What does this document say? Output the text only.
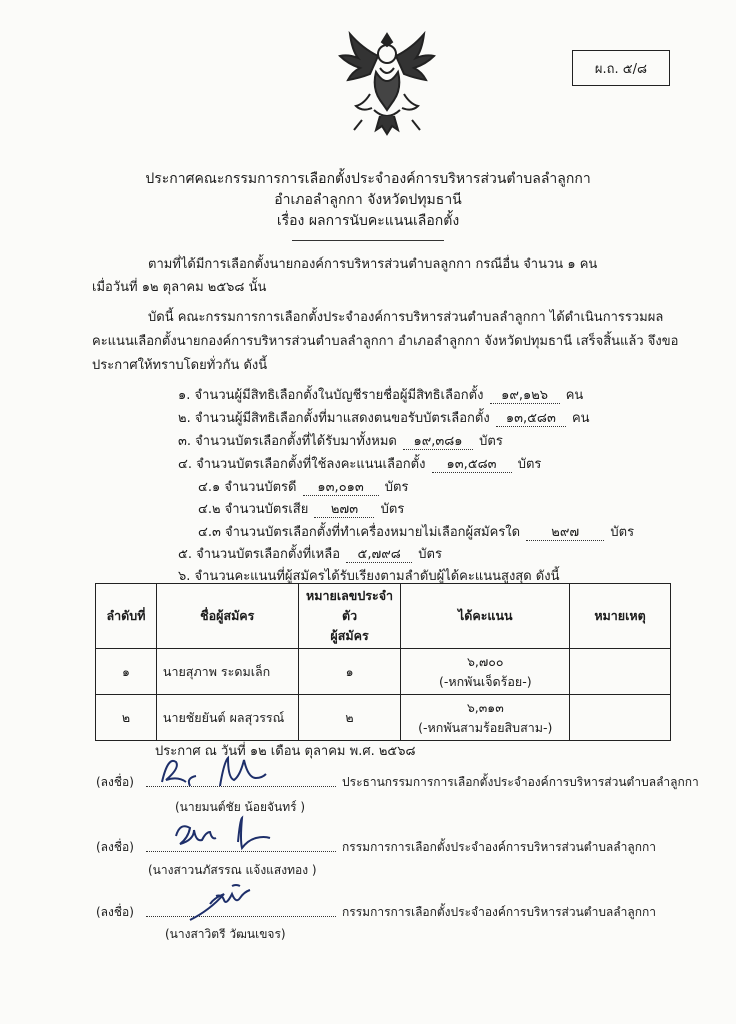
ผ.ถ. ๕/๘
ประกาศคณะกรรมการการเลือกตั้งประจำองค์การบริหารส่วนตำบลลำลูกกา
อำเภอลำลูกกา จังหวัดปทุมธานี
เรื่อง ผลการนับคะแนนเลือกตั้ง
ตามที่ได้มีการเลือกตั้งนายกองค์การบริหารส่วนตำบลลูกกา กรณีอื่น จำนวน ๑ คน
เมื่อวันที่ ๑๒ ตุลาคม ๒๕๖๘ นั้น
บัดนี้ คณะกรรมการการเลือกตั้งประจำองค์การบริหารส่วนตำบลลำลูกกา ได้ดำเนินการรวมผล
คะแนนเลือกตั้งนายกองค์การบริหารส่วนตำบลลำลูกกา อำเภอลำลูกกา จังหวัดปทุมธานี เสร็จสิ้นแล้ว จึงขอ
ประกาศให้ทราบโดยทั่วกัน ดังนี้
๑. จำนวนผู้มีสิทธิเลือกตั้งในบัญชีรายชื่อผู้มีสิทธิเลือกตั้ง ๑๙,๑๒๖ คน
๒. จำนวนผู้มีสิทธิเลือกตั้งที่มาแสดงตนขอรับบัตรเลือกตั้ง ๑๓,๕๘๓ คน
๓. จำนวนบัตรเลือกตั้งที่ได้รับมาทั้งหมด ๑๙,๓๘๑ บัตร
๔. จำนวนบัตรเลือกตั้งที่ใช้ลงคะแนนเลือกตั้ง ๑๓,๕๘๓ บัตร
๔.๑ จำนวนบัตรดี ๑๓,๐๑๓ บัตร
๔.๒ จำนวนบัตรเสีย ๒๗๓ บัตร
๔.๓ จำนวนบัตรเลือกตั้งที่ทำเครื่องหมายไม่เลือกผู้สมัครใด ๒๙๗ บัตร
๕. จำนวนบัตรเลือกตั้งที่เหลือ ๕,๗๙๘ บัตร
๖. จำนวนคะแนนที่ผู้สมัครได้รับเรียงตามลำดับผู้ได้คะแนนสูงสุด ดังนี้
ลำดับที่	ชื่อผู้สมัคร	หมายเลขประจำตัว
ผู้สมัคร	ได้คะแนน	หมายเหตุ
๑	นายสุภาพ ระดมเล็ก	๑	๖,๗๐๐
(-หกพันเจ็ดร้อย-)	

๒	นายชัยยันต์ ผลสุวรรณ์	๒	๖,๓๑๓
(-หกพันสามร้อยสิบสาม-)	

ประกาศ ณ วันที่ ๑๒ เดือน ตุลาคม พ.ศ. ๒๕๖๘
(ลงชื่อ)	ประธานกรรมการการเลือกตั้งประจำองค์การบริหารส่วนตำบลลำลูกกา
(นายมนต์ชัย น้อยจันทร์ )
(ลงชื่อ)	กรรมการการเลือกตั้งประจำองค์การบริหารส่วนตำบลลำลูกกา
(นางสาวนภัสรรณ แจ้งแสงทอง )
(ลงชื่อ)	กรรมการการเลือกตั้งประจำองค์การบริหารส่วนตำบลลำลูกกา
(นางสาวิตรี วัฒนเขจร)
